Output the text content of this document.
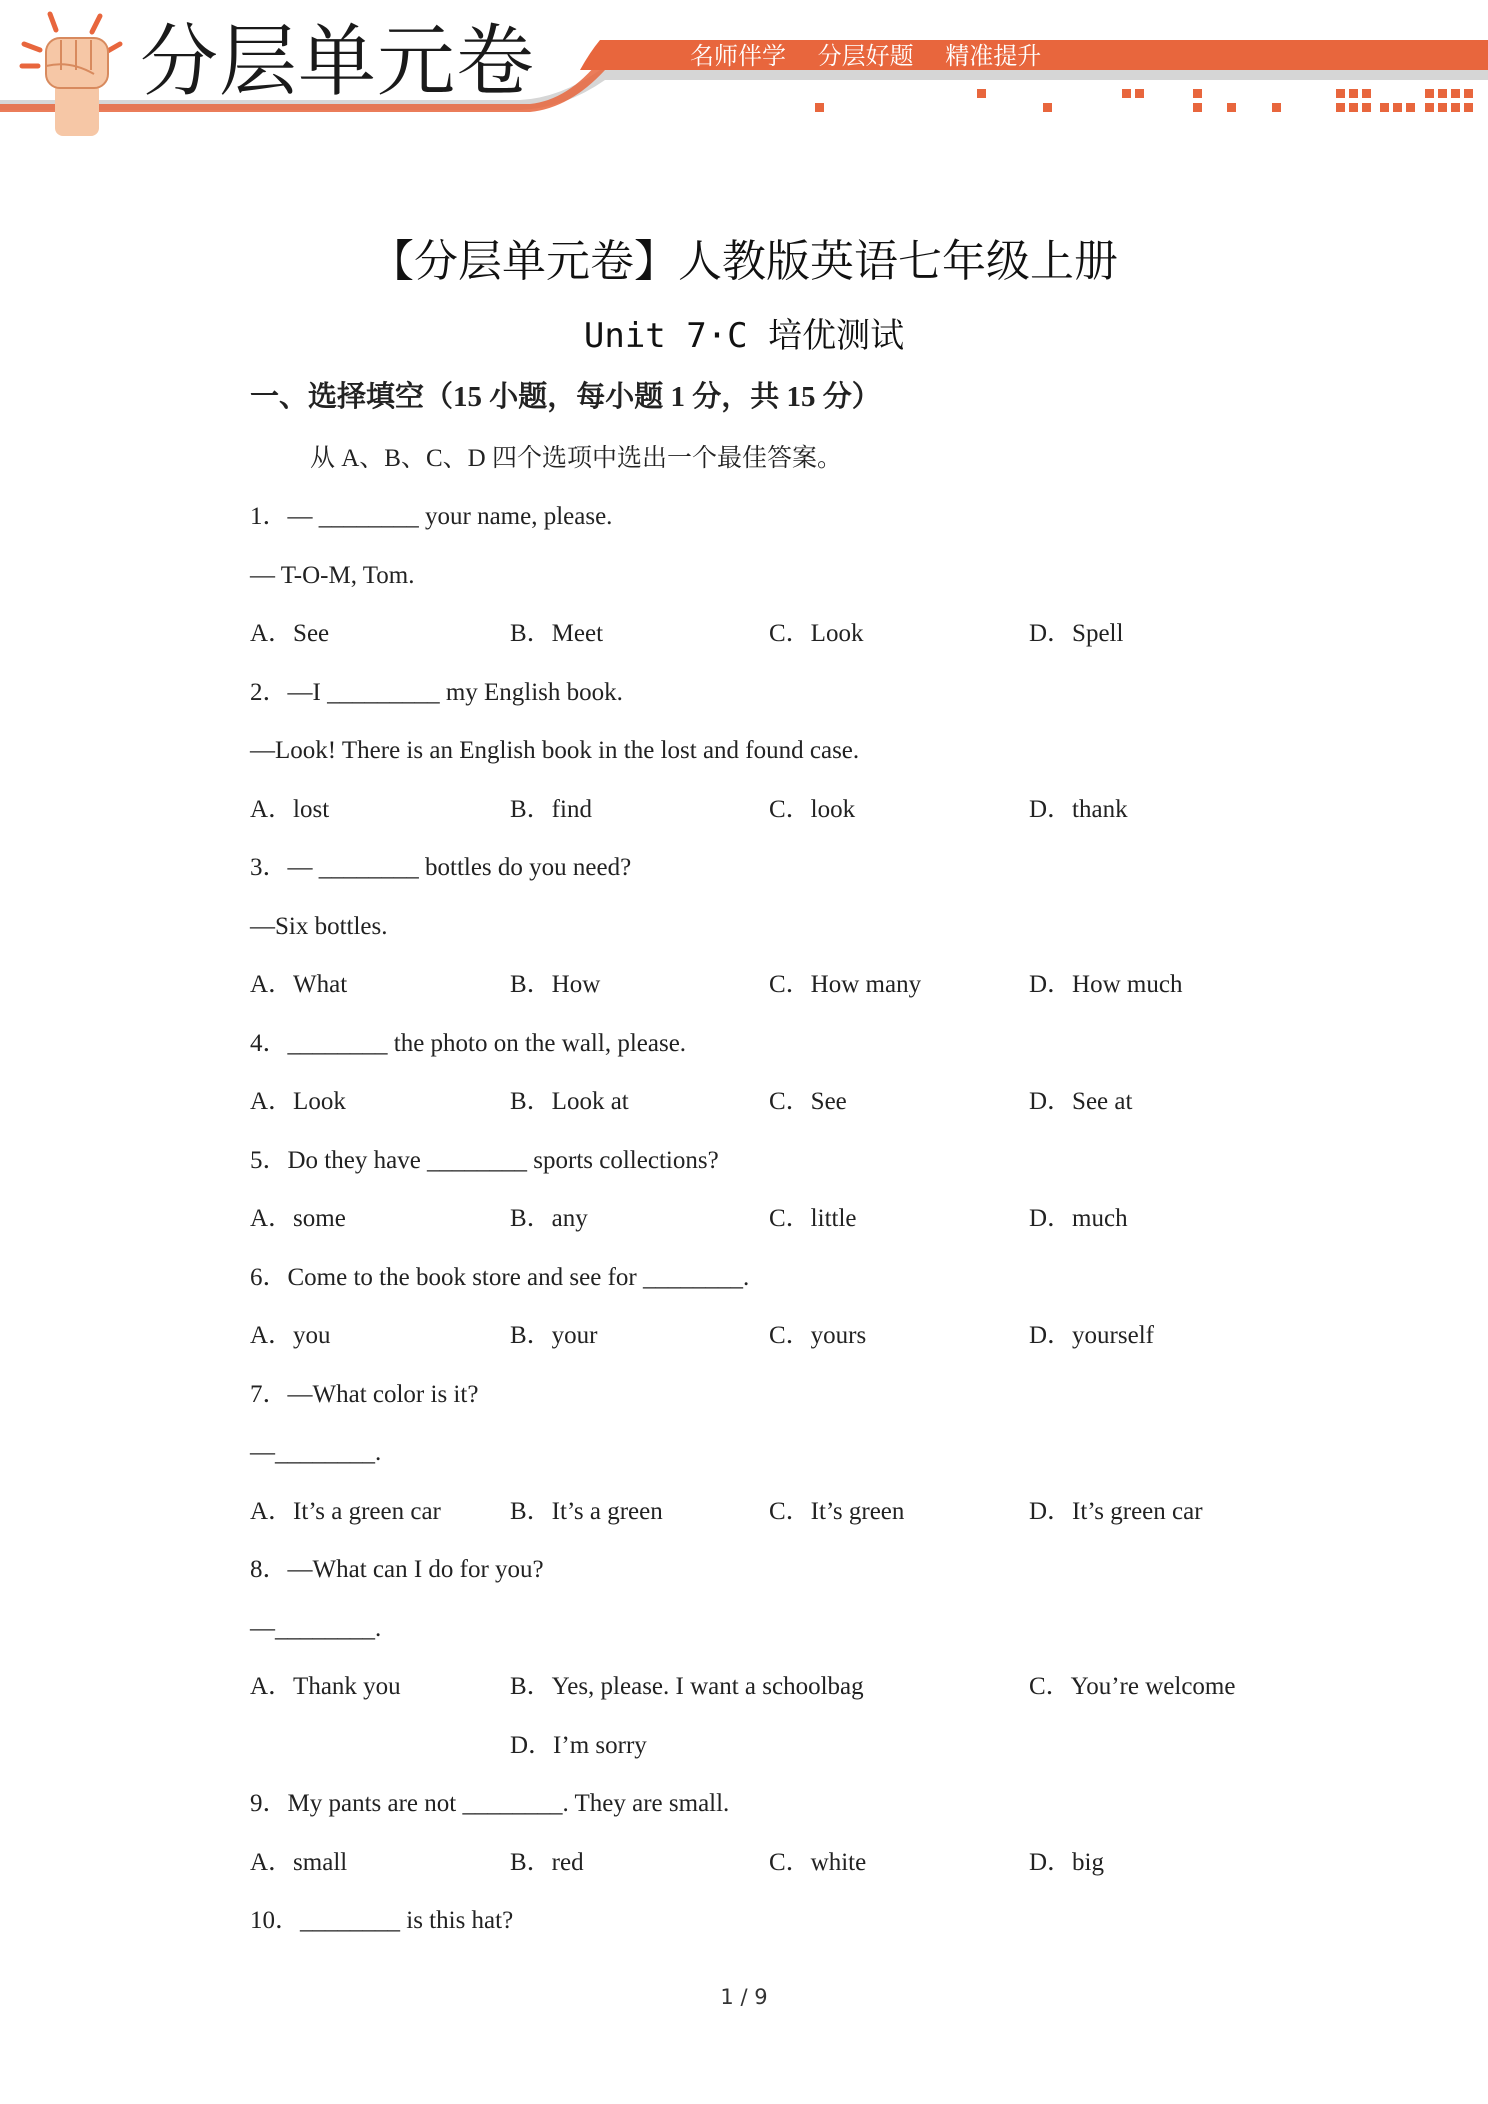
分层单元卷	名师伴学 分层好题 精准提升
【分层单元卷】人教版英语七年级上册
Unit 7·C 培优测试
一、选择填空（15 小题，每小题 1 分，共 15 分）
从 A、B、C、D 四个选项中选出一个最佳答案。
1．— ________ your name, please.
— T-O-M, Tom.
A．See	B．Meet	C．Look	D．Spell
2．—I _________ my English book.
—Look! There is an English book in the lost and found case.
A．lost	B．find	C．look	D．thank
3．— ________ bottles do you need?
—Six bottles.
A．What	B．How	C．How many	D．How much
4．________ the photo on the wall, please.
A．Look	B．Look at	C．See	D．See at
5．Do they have ________ sports collections?
A．some	B．any	C．little	D．much
6．Come to the book store and see for ________.
A．you	B．your	C．yours	D．yourself
7．—What color is it?
—________.
A．It’s a green car	B．It’s a green	C．It’s green	D．It’s green car
8．—What can I do for you?
—________.
A．Thank you	B．Yes, please. I want a schoolbag	C．You’re welcome
D．I’m sorry
9．My pants are not ________. They are small.
A．small	B．red	C．white	D．big
10．________ is this hat?
1 / 9
